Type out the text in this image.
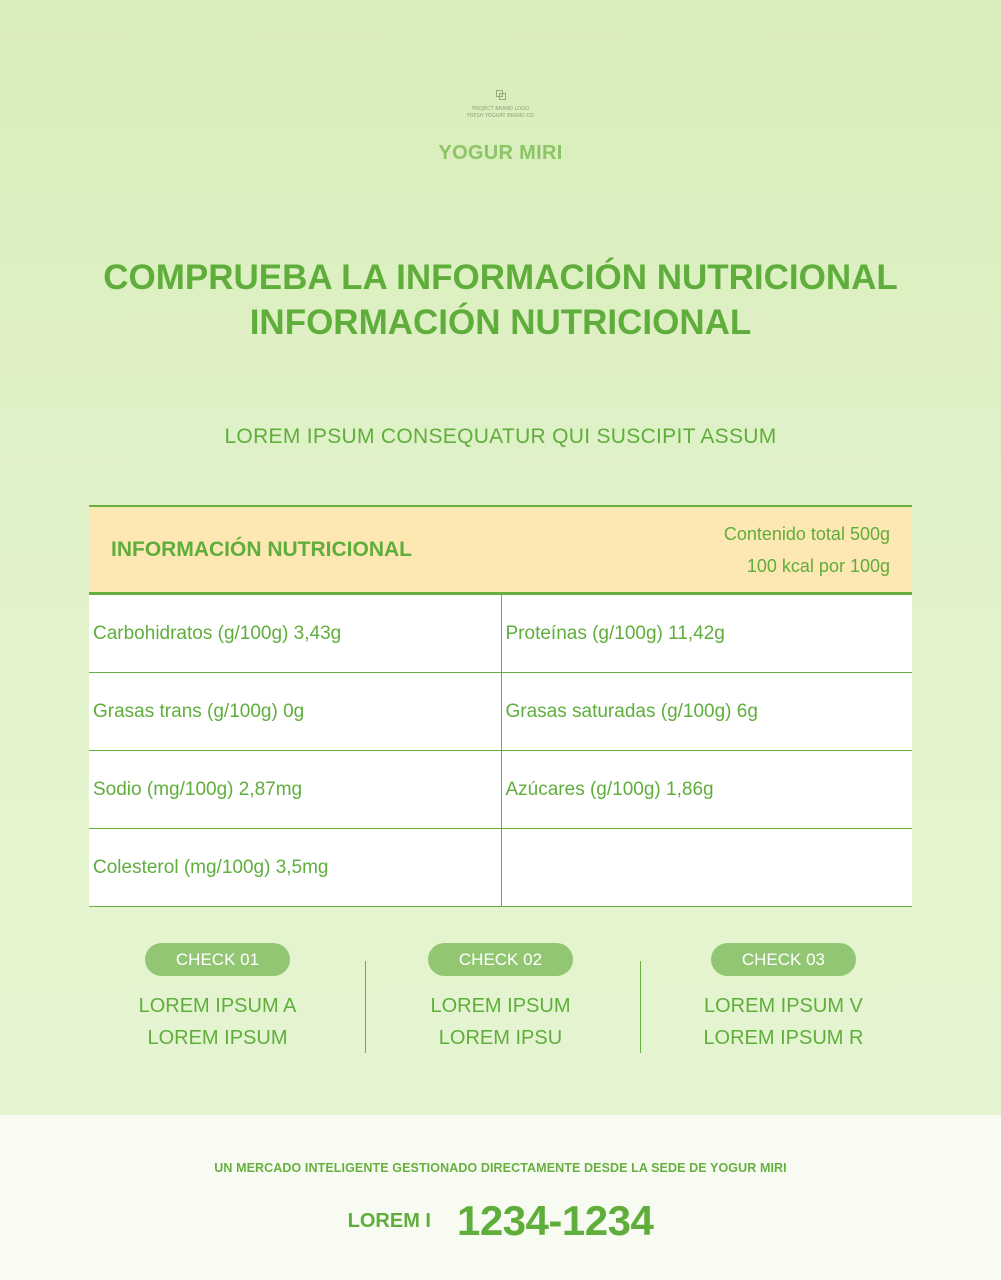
PROJECT BRAND LOGO
FRESH YOGURT BRAND CO
YOGUR MIRI
COMPRUEBA LA INFORMACIÓN NUTRICIONAL
INFORMACIÓN NUTRICIONAL
LOREM IPSUM CONSEQUATUR QUI SUSCIPIT ASSUM
INFORMACIÓN NUTRICIONAL
Contenido total 500g
100 kcal por 100g
Carbohidratos (g/100g) 3,43g	Proteínas (g/100g) 11,42g
Grasas trans (g/100g) 0g	Grasas saturadas (g/100g) 6g
Sodio (mg/100g) 2,87mg	Azúcares (g/100g) 1,86g
Colesterol (mg/100g) 3,5mg
CHECK 01
LOREM IPSUM A
LOREM IPSUM
CHECK 02
LOREM IPSUM
LOREM IPSU
CHECK 03
LOREM IPSUM V
LOREM IPSUM R
UN MERCADO INTELIGENTE GESTIONADO DIRECTAMENTE DESDE LA SEDE DE YOGUR MIRI
LOREM I 1234-1234
